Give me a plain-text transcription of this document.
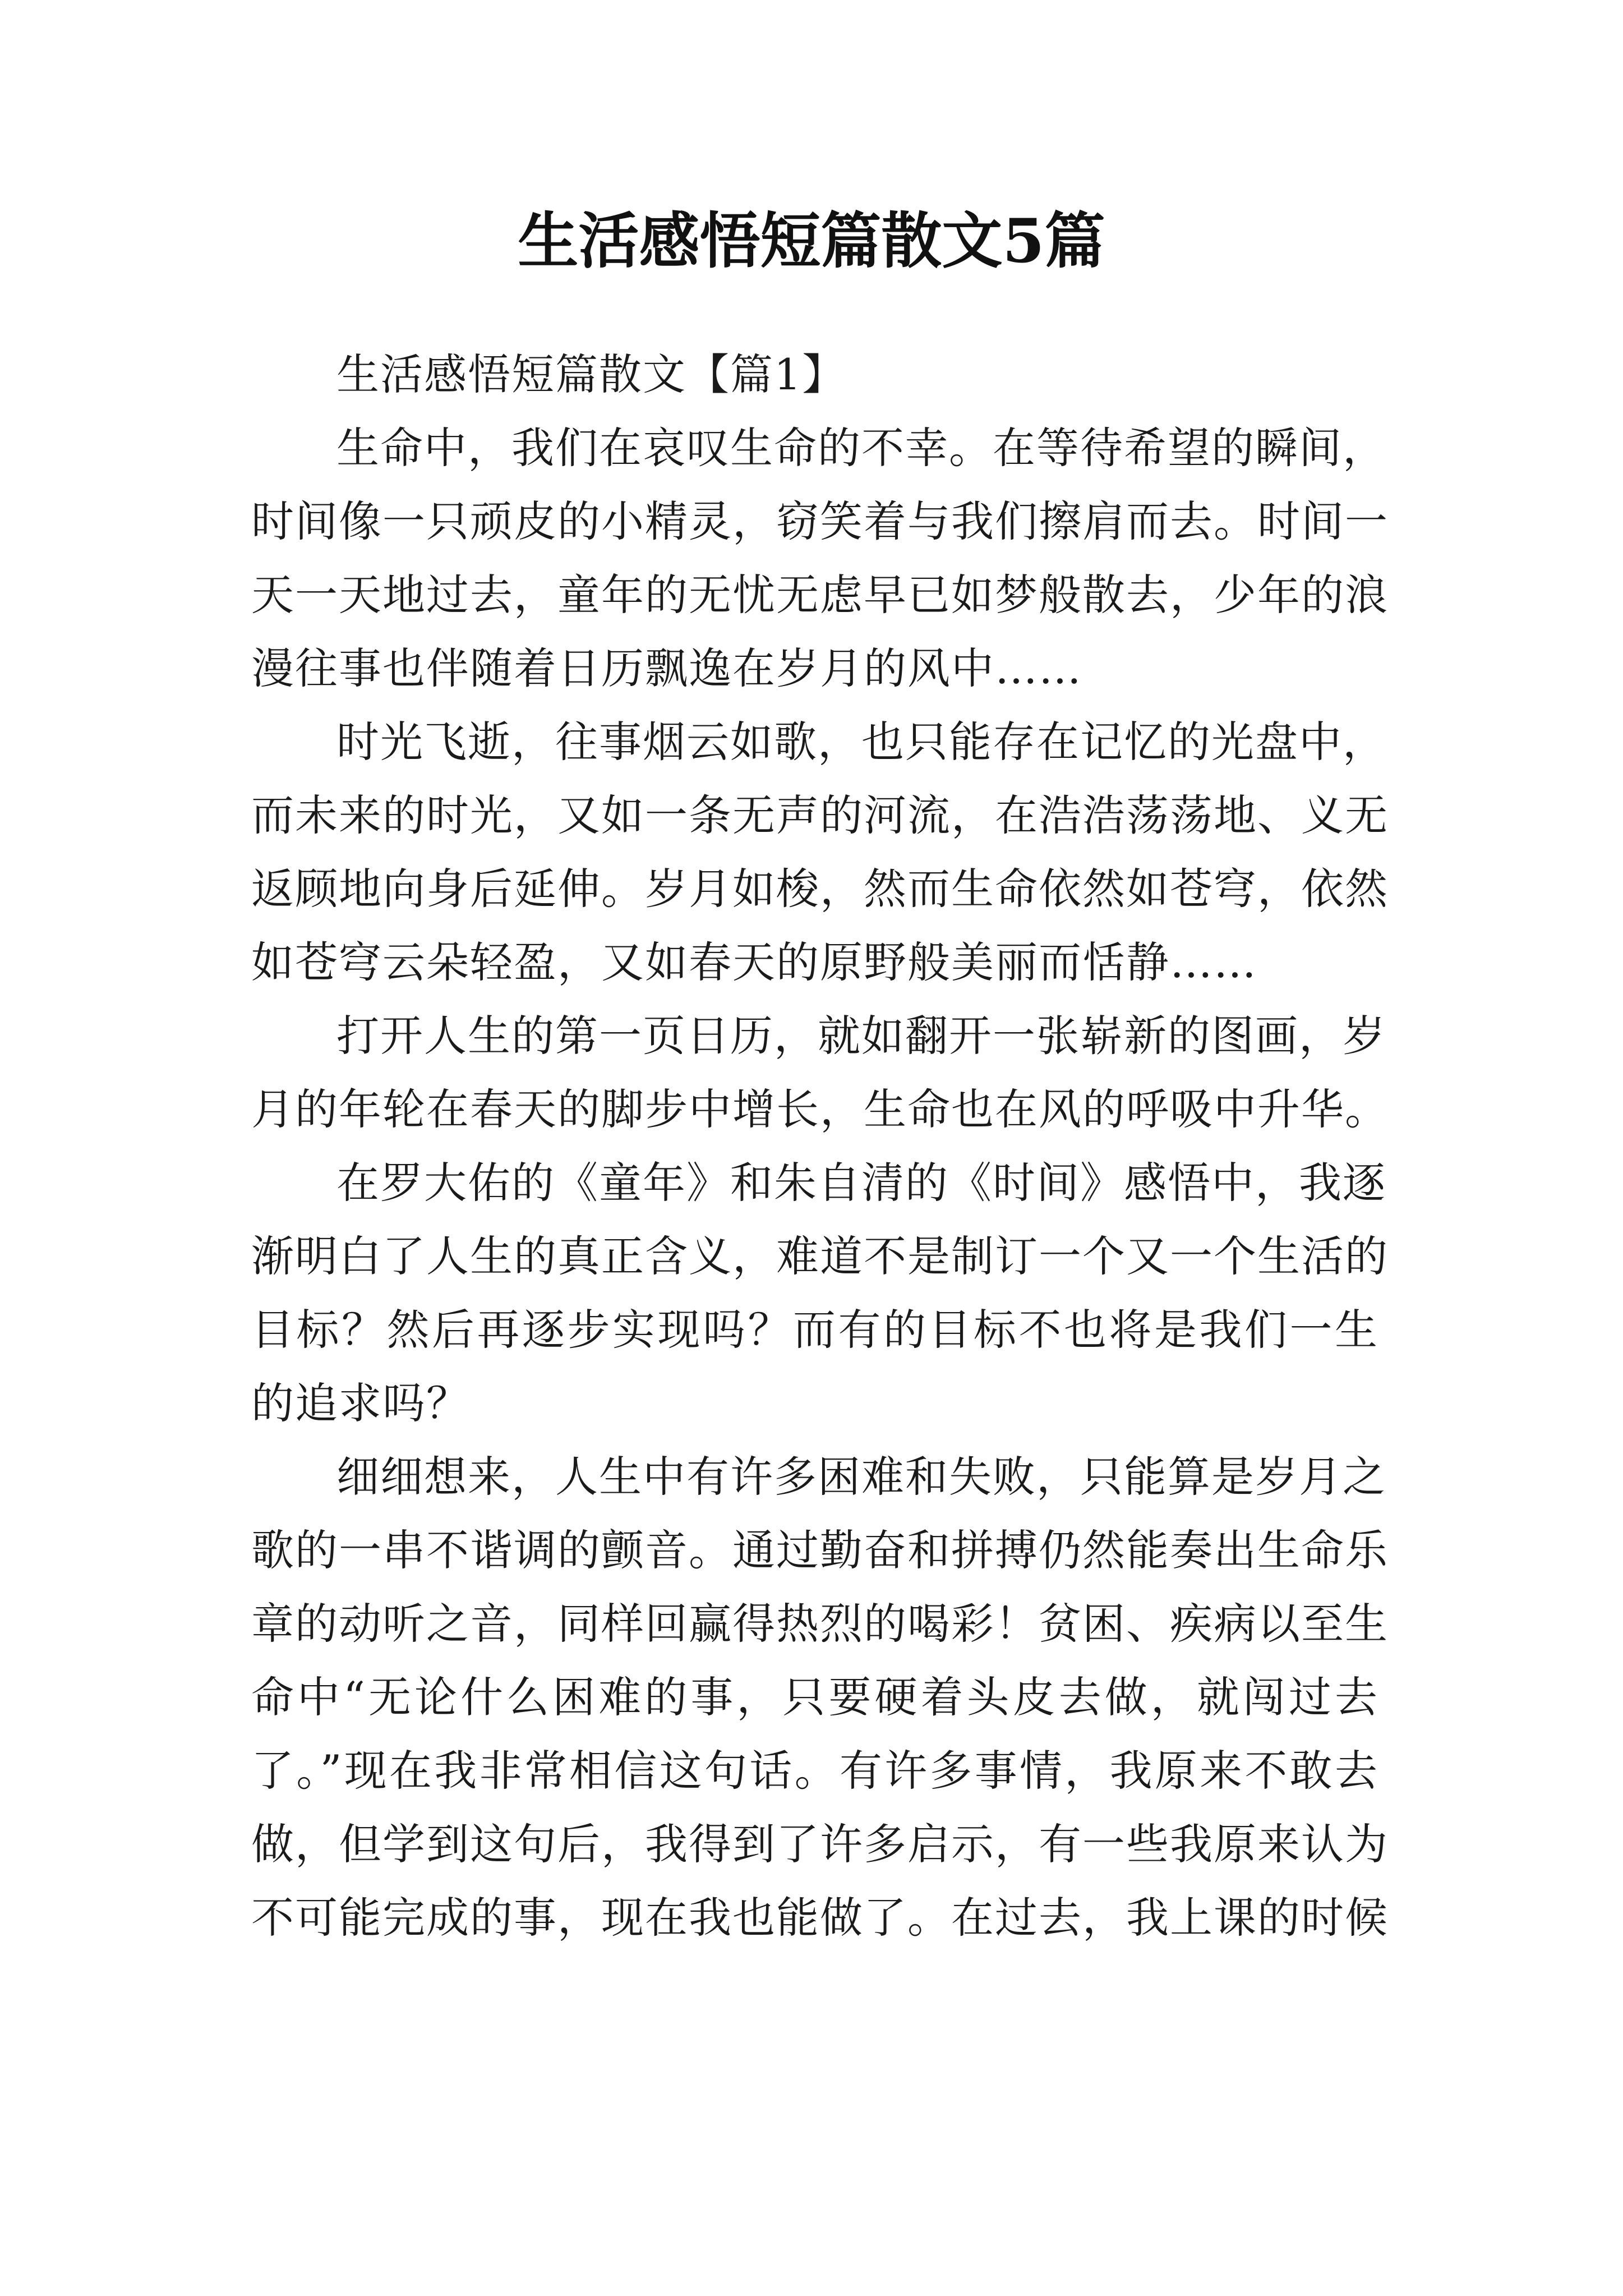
生活感悟短篇散文5篇
生活感悟短篇散文【篇1】
生命中，我们在哀叹生命的不幸。在等待希望的瞬间，
时间像一只顽皮的小精灵，窃笑着与我们擦肩而去。时间一
天一天地过去，童年的无忧无虑早已如梦般散去，少年的浪
漫往事也伴随着日历飘逸在岁月的风中……
时光飞逝，往事烟云如歌，也只能存在记忆的光盘中，
而未来的时光，又如一条无声的河流，在浩浩荡荡地、义无
返顾地向身后延伸。岁月如梭，然而生命依然如苍穹，依然
如苍穹云朵轻盈，又如春天的原野般美丽而恬静……
打开人生的第一页日历，就如翻开一张崭新的图画，岁
月的年轮在春天的脚步中增长，生命也在风的呼吸中升华。
在罗大佑的《童年》和朱自清的《时间》感悟中，我逐
渐明白了人生的真正含义，难道不是制订一个又一个生活的
目标？然后再逐步实现吗？而有的目标不也将是我们一生
的追求吗？
细细想来，人生中有许多困难和失败，只能算是岁月之
歌的一串不谐调的颤音。通过勤奋和拼搏仍然能奏出生命乐
章的动听之音，同样回赢得热烈的喝彩！贫困、疾病以至生
命中“无论什么困难的事，只要硬着头皮去做，就闯过去
了。”现在我非常相信这句话。有许多事情，我原来不敢去
做，但学到这句后，我得到了许多启示，有一些我原来认为
不可能完成的事，现在我也能做了。在过去，我上课的时候
